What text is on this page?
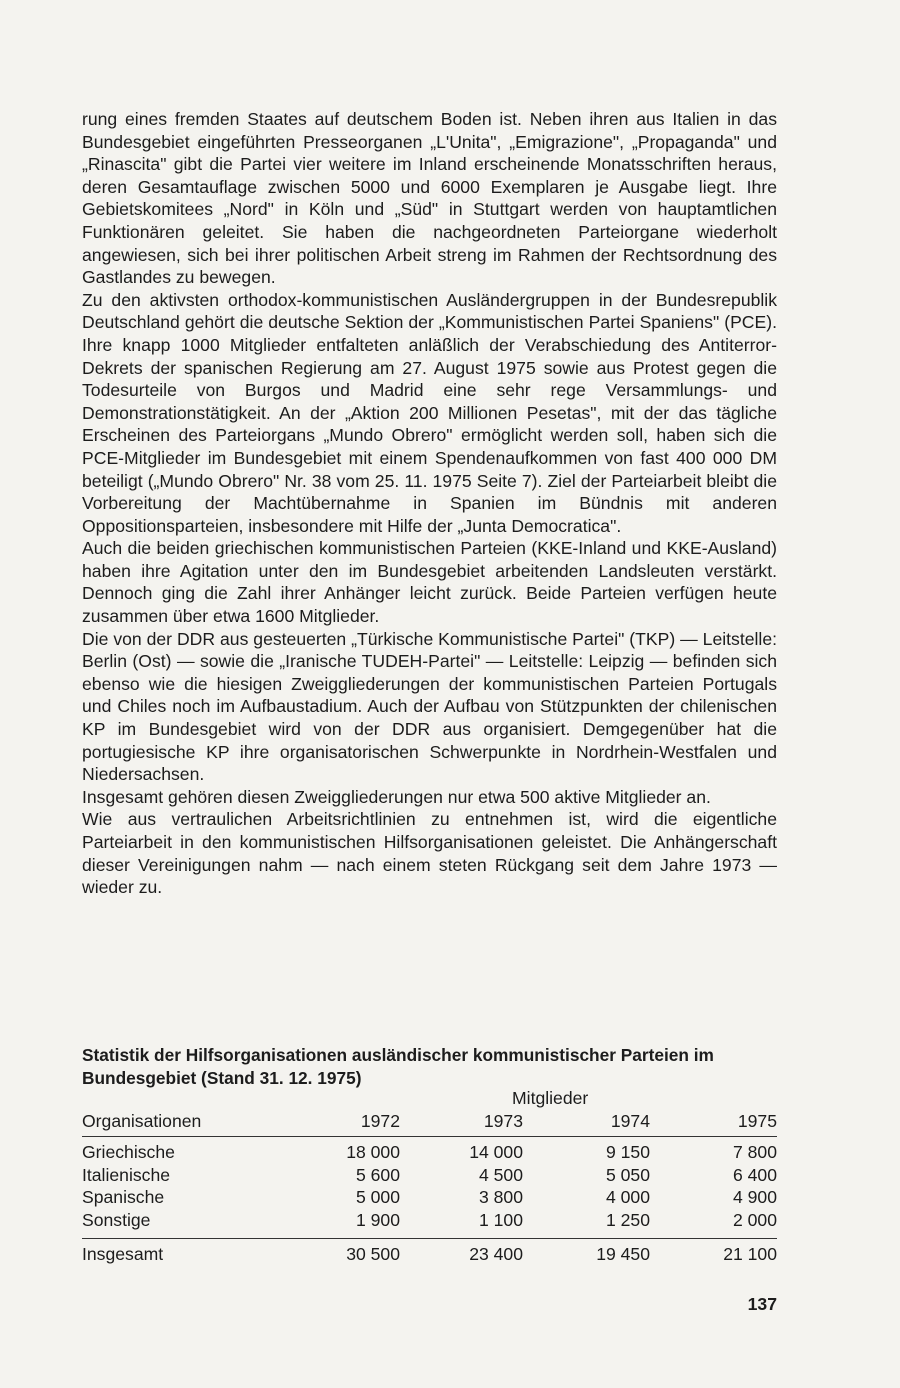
rung eines fremden Staates auf deutschem Boden ist. Neben ihren aus Italien in das Bundesgebiet eingeführten Presseorganen „L'Unita", „Emigrazione", „Propaganda" und „Rinascita" gibt die Partei vier weitere im Inland erscheinende Monatsschriften heraus, deren Gesamtauflage zwischen 5000 und 6000 Exemplaren je Ausgabe liegt. Ihre Gebietskomitees „Nord" in Köln und „Süd" in Stuttgart werden von hauptamtlichen Funktionären geleitet. Sie haben die nachgeordneten Parteiorgane wiederholt angewiesen, sich bei ihrer politischen Arbeit streng im Rahmen der Rechtsordnung des Gastlandes zu bewegen.

Zu den aktivsten orthodox-kommunistischen Ausländergruppen in der Bundesrepublik Deutschland gehört die deutsche Sektion der „Kommunistischen Partei Spaniens" (PCE). Ihre knapp 1000 Mitglieder entfalteten anläßlich der Verabschiedung des Antiterror-Dekrets der spanischen Regierung am 27. August 1975 sowie aus Protest gegen die Todesurteile von Burgos und Madrid eine sehr rege Versammlungs- und Demonstrationstätigkeit. An der „Aktion 200 Millionen Pesetas", mit der das tägliche Erscheinen des Parteiorgans „Mundo Obrero" ermöglicht werden soll, haben sich die PCE-Mitglieder im Bundesgebiet mit einem Spendenaufkommen von fast 400 000 DM beteiligt („Mundo Obrero" Nr. 38 vom 25. 11. 1975 Seite 7). Ziel der Parteiarbeit bleibt die Vorbereitung der Machtübernahme in Spanien im Bündnis mit anderen Oppositionsparteien, insbesondere mit Hilfe der „Junta Democratica".

Auch die beiden griechischen kommunistischen Parteien (KKE-Inland und KKE-Ausland) haben ihre Agitation unter den im Bundesgebiet arbeitenden Landsleuten verstärkt. Dennoch ging die Zahl ihrer Anhänger leicht zurück. Beide Parteien verfügen heute zusammen über etwa 1600 Mitglieder.

Die von der DDR aus gesteuerten „Türkische Kommunistische Partei" (TKP) — Leitstelle: Berlin (Ost) — sowie die „Iranische TUDEH-Partei" — Leitstelle: Leipzig — befinden sich ebenso wie die hiesigen Zweiggliederungen der kommunistischen Parteien Portugals und Chiles noch im Aufbaustadium. Auch der Aufbau von Stützpunkten der chilenischen KP im Bundesgebiet wird von der DDR aus organisiert. Demgegenüber hat die portugiesische KP ihre organisatorischen Schwerpunkte in Nordrhein-Westfalen und Niedersachsen.

Insgesamt gehören diesen Zweiggliederungen nur etwa 500 aktive Mitglieder an.

Wie aus vertraulichen Arbeitsrichtlinien zu entnehmen ist, wird die eigentliche Parteiarbeit in den kommunistischen Hilfsorganisationen geleistet. Die Anhängerschaft dieser Vereinigungen nahm — nach einem steten Rückgang seit dem Jahre 1973 — wieder zu.

Statistik der Hilfsorganisationen ausländischer kommunistischer Parteien im Bundesgebiet (Stand 31. 12. 1975)
Mitglieder
Organisationen	1972	1973	1974	1975
Griechische	18 000	14 000	9 150	7 800
Italienische	5 600	4 500	5 050	6 400
Spanische	5 000	3 800	4 000	4 900
Sonstige	1 900	1 100	1 250	2 000
Insgesamt	30 500	23 400	19 450	21 100
137
